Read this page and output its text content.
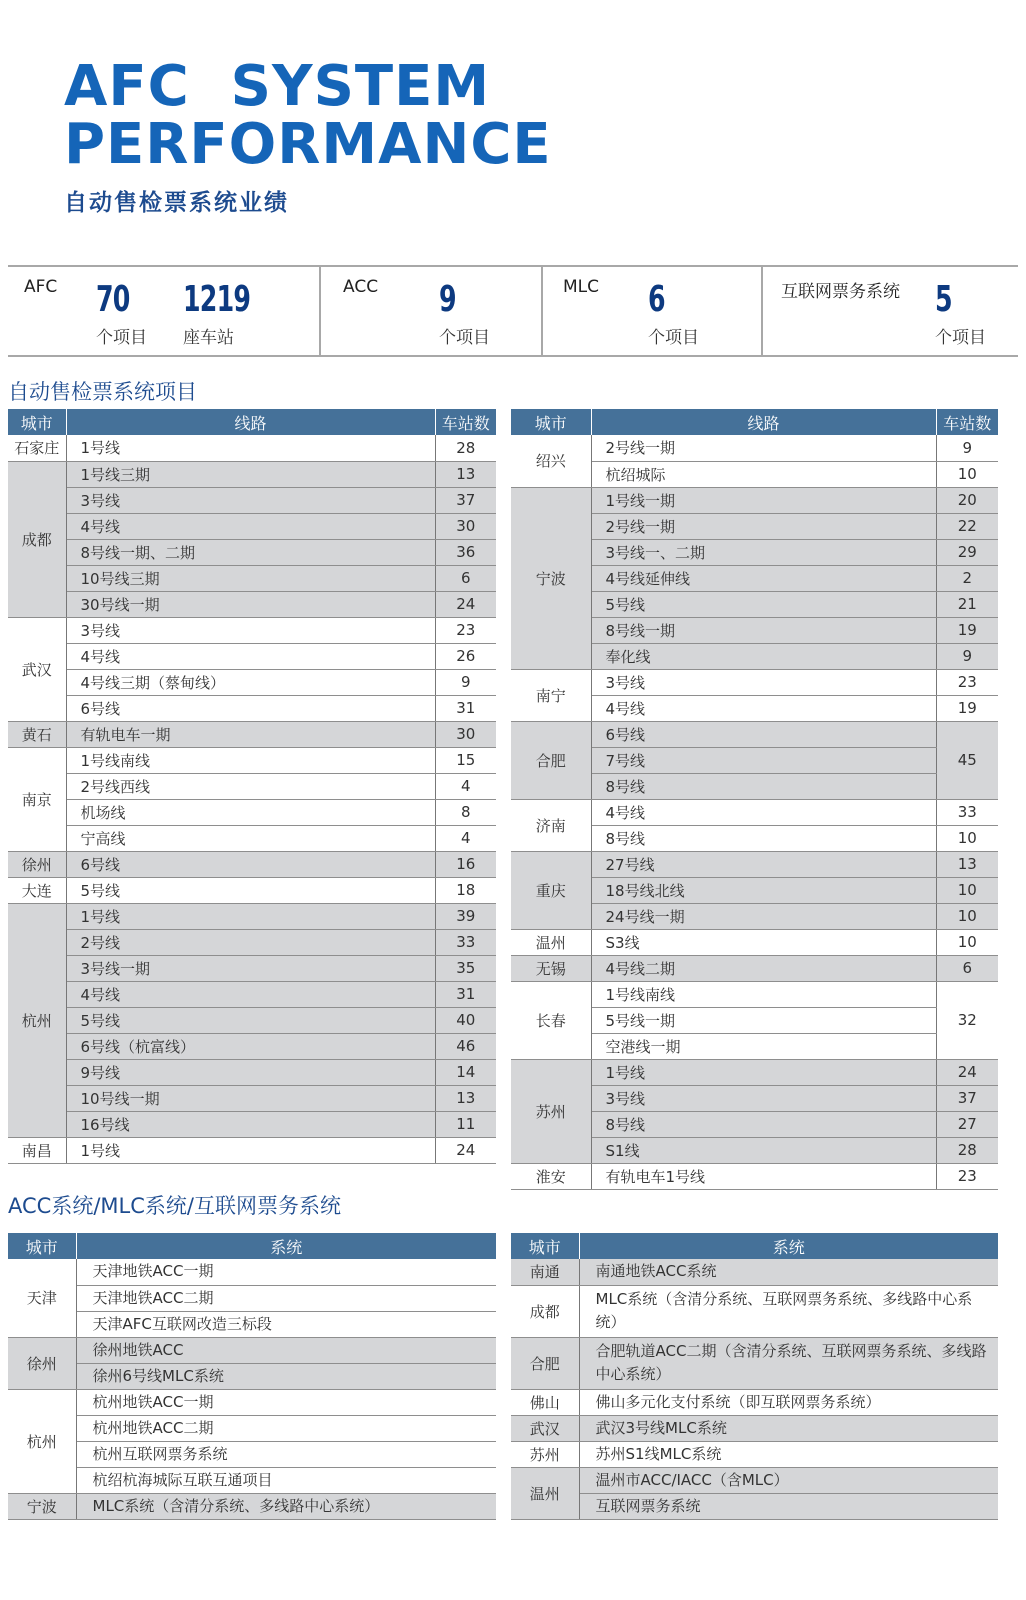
AFC  SYSTEM
PERFORMANCE
自动售检票系统业绩
AFC 70
个项目
1219
座车站
ACC 9
个项目
MLC 6
个项目
互联网票务系统 5
个项目
自动售检票系统项目
城市	线路	车站数
石家庄	1号线	28
成都	1号线三期	13
	3号线	37
	4号线	30
	8号线一期、二期	36
	10号线三期	6
	30号线一期	24
武汉	3号线	23
	4号线	26
	4号线三期（蔡甸线）	9
	6号线	31
黄石	有轨电车一期	30
南京	1号线南线	15
	2号线西线	4
	机场线	8
	宁高线	4
徐州	6号线	16
大连	5号线	18
杭州	1号线	39
	2号线	33
	3号线一期	35
	4号线	31
	5号线	40
	6号线（杭富线）	46
	9号线	14
	10号线一期	13
	16号线	11
南昌	1号线	24
城市	线路	车站数
绍兴	2号线一期	9
	杭绍城际	10
宁波	1号线一期	20
	2号线一期	22
	3号线一、二期	29
	4号线延伸线	2
	5号线	21
	8号线一期	19
	奉化线	9
南宁	3号线	23
	4号线	19
合肥	6号线	45
	7号线	
	8号线	
济南	4号线	33
	8号线	10
重庆	27号线	13
	18号线北线	10
	24号线一期	10
温州	S3线	10
无锡	4号线二期	6
长春	1号线南线	32
	5号线一期	
	空港线一期	
苏州	1号线	24
	3号线	37
	8号线	27
	S1线	28
淮安	有轨电车1号线	23
ACC系统/MLC系统/互联网票务系统
城市	系统
天津	天津地铁ACC一期
	天津地铁ACC二期
	天津AFC互联网改造三标段
徐州	徐州地铁ACC
	徐州6号线MLC系统
杭州	杭州地铁ACC一期
	杭州地铁ACC二期
	杭州互联网票务系统
	杭绍杭海城际互联互通项目
宁波	MLC系统（含清分系统、多线路中心系统）
城市	系统
南通	南通地铁ACC系统
成都	MLC系统（含清分系统、互联网票务系统、多线路中心系统）
合肥	合肥轨道ACC二期（含清分系统、互联网票务系统、多线路中心系统）
佛山	佛山多元化支付系统（即互联网票务系统）
武汉	武汉3号线MLC系统
苏州	苏州S1线MLC系统
温州	温州市ACC/IACC（含MLC）
	互联网票务系统
